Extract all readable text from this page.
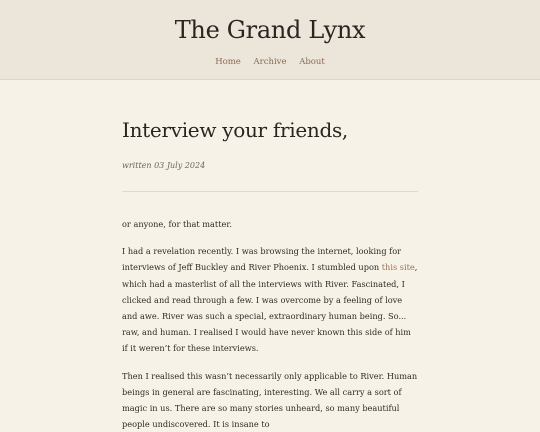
The Grand Lynx
Home Archive About
Interview your friends,
written 03 July 2024

or anyone, for that matter.

I had a revelation recently. I was browsing the internet, looking for interviews of Jeff Buckley and River Phoenix. I stumbled upon this site, which had a masterlist of all the interviews with River. Fascinated, I clicked and read through a few. I was overcome by a feeling of love and awe. River was such a special, extraordinary human being. So... raw, and human. I realised I would have never known this side of him if it weren’t for these interviews.

Then I realised this wasn’t necessarily only applicable to River. Human beings in general are fascinating, interesting. We all carry a sort of magic in us. There are so many stories unheard, so many beautiful people undiscovered. It is insane to
